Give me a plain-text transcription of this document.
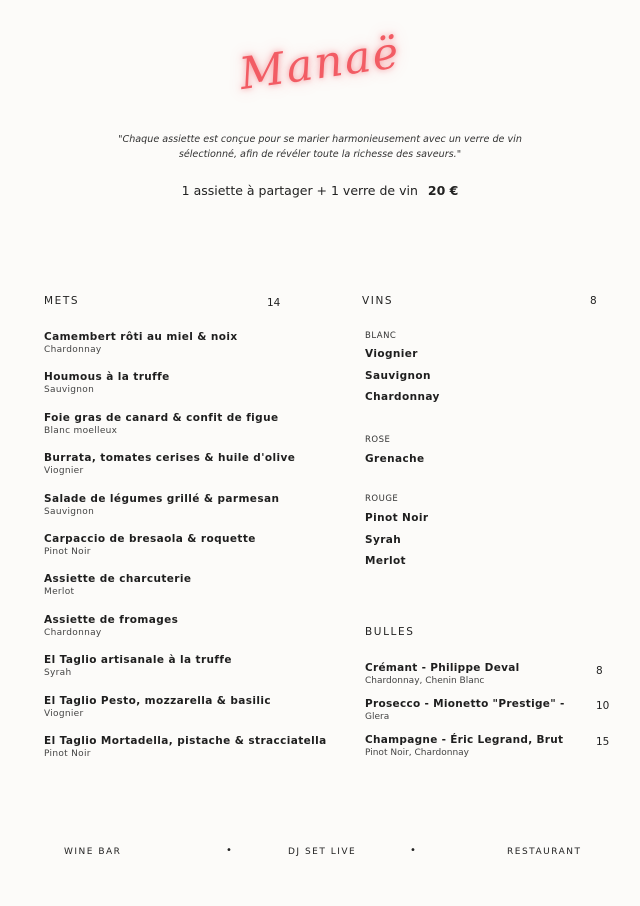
Manaë
"Chaque assiette est conçue pour se marier harmonieusement avec un verre de vin
sélectionné, afin de révéler toute la richesse des saveurs."
1 assiette à partager + 1 verre de vin 20 €
METS	14
Camembert rôti au miel & noix
Chardonnay
Houmous à la truffe
Sauvignon
Foie gras de canard & confit de figue
Blanc moelleux
Burrata, tomates cerises & huile d'olive
Viognier
Salade de légumes grillé & parmesan
Sauvignon
Carpaccio de bresaola & roquette
Pinot Noir
Assiette de charcuterie
Merlot
Assiette de fromages
Chardonnay
El Taglio artisanale à la truffe
Syrah
El Taglio Pesto, mozzarella & basilic
Viognier
El Taglio Mortadella, pistache & stracciatella
Pinot Noir
VINS	8
BLANC
Viognier
Sauvignon
Chardonnay
ROSE
Grenache
ROUGE
Pinot Noir
Syrah
Merlot
BULLES
Crémant - Philippe Deval
Chardonnay, Chenin Blanc
8
Prosecco - Mionetto "Prestige" -
Glera
10
Champagne - Éric Legrand, Brut
Pinot Noir, Chardonnay
15
WINE BAR	•	DJ SET LIVE	•	RESTAURANT
